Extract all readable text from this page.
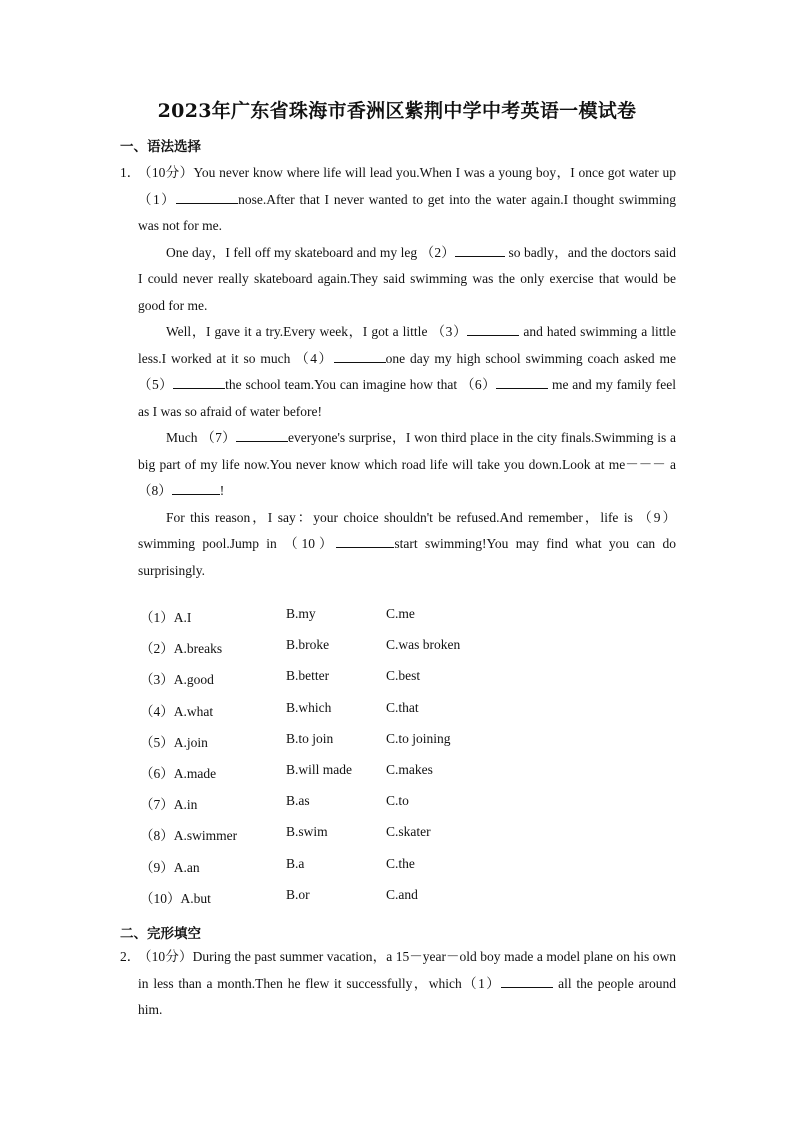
2023年广东省珠海市香洲区紫荆中学中考英语一模试卷
一、语法选择
1．

（10分）You never know where life will lead you.When I was a young boy，I once got water up （1）	nose.After that I never wanted to get into the water again.I thought swimming was not for me.

One day，I fell off my skateboard and my leg （2）	so badly，and the doctors said I could never really skateboard again.They said swimming was the only exercise that would be good for me.

Well，I gave it a try.Every week，I got a little （3）	and hated swimming a little less.I worked at it so much （4）	one day my high school swimming coach asked me （5）	the school team.You can imagine how that （6）	me and my family feel as I was so afraid of water before!

Much （7）	everyone's surprise，I won third place in the city finals.Swimming is a big part of my life now.You never know which road life will take you down.Look at me－－－ a （8）	!

For this reason，I say：your choice shouldn't be refused.And remember，life is （9）swimming pool.Jump in （10）	start swimming!You may find what you can do surprisingly.

（1）A.I	B.my	C.me
（2）A.breaks	B.broke	C.was broken
（3）A.good	B.better	C.best
（4）A.what	B.which	C.that
（5）A.join	B.to join	C.to joining
（6）A.made	B.will made	C.makes
（7）A.in	B.as	C.to
（8）A.swimmer	B.swim	C.skater
（9）A.an	B.a	C.the
（10）A.but	B.or	C.and
二、完形填空
2．

（10分）During the past summer vacation，a 15－year－old boy made a model plane on his own in less than a month.Then he flew it successfully，which（1）	all the people around him.
